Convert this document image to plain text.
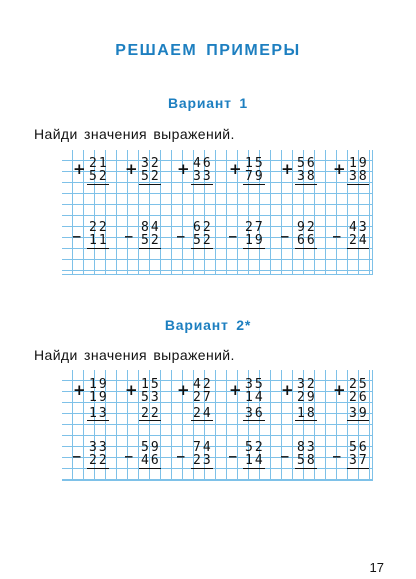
РЕШАЕМ ПРИМЕРЫ
Вариант 1
Найди значения выражений.
Вариант 2*
Найди значения выражений.
+ 21
52 + 32
52 + 46
33 + 15
79 + 56
38 + 19
38
_ 22
11
_ 84
52
_ 62
52
_ 27
19
_ 92
66
_ 43
24
+ 19
19
13
+ 15
53
22
+ 42
27
24
+ 35
14
36
+ 32
29
18
+ 25
26
39
_ 33
22
_ 59
46
_ 74
23
_ 52
14
_ 83
58
_ 56
37
17
